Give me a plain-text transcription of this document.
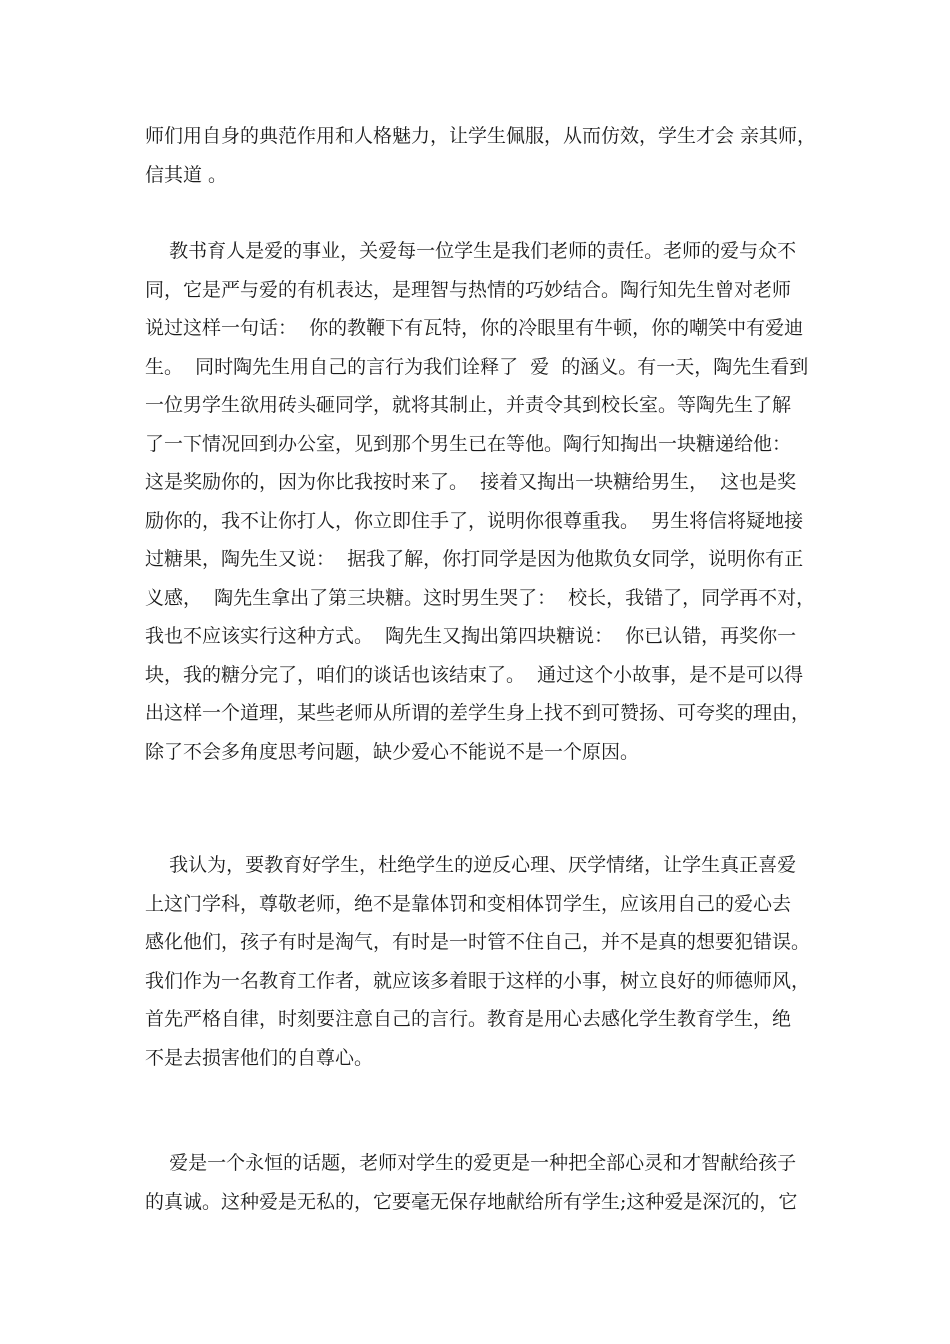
师们用自身的典范作用和人格魅力，让学生佩服，从而仿效，学生才会 亲其师，
信其道 。
教书育人是爱的事业，关爱每一位学生是我们老师的责任。老师的爱与众不
同，它是严与爱的有机表达，是理智与热情的巧妙结合。陶行知先生曾对老师
说过这样一句话：  你的教鞭下有瓦特，你的冷眼里有牛顿，你的嘲笑中有爱迪
生。  同时陶先生用自己的言行为我们诠释了  爱  的涵义。有一天，陶先生看到
一位男学生欲用砖头砸同学，就将其制止，并责令其到校长室。等陶先生了解
了一下情况回到办公室，见到那个男生已在等他。陶行知掏出一块糖递给他：
这是奖励你的，因为你比我按时来了。  接着又掏出一块糖给男生，  这也是奖
励你的，我不让你打人，你立即住手了，说明你很尊重我。  男生将信将疑地接
过糖果，陶先生又说：  据我了解，你打同学是因为他欺负女同学，说明你有正
义感，  陶先生拿出了第三块糖。这时男生哭了：  校长，我错了，同学再不对，
我也不应该实行这种方式。  陶先生又掏出第四块糖说：  你已认错，再奖你一
块，我的糖分完了，咱们的谈话也该结束了。  通过这个小故事，是不是可以得
出这样一个道理，某些老师从所谓的差学生身上找不到可赞扬、可夸奖的理由，
除了不会多角度思考问题，缺少爱心不能说不是一个原因。
我认为，要教育好学生，杜绝学生的逆反心理、厌学情绪，让学生真正喜爱
上这门学科，尊敬老师，绝不是靠体罚和变相体罚学生，应该用自己的爱心去
感化他们，孩子有时是淘气，有时是一时管不住自己，并不是真的想要犯错误。
我们作为一名教育工作者，就应该多着眼于这样的小事，树立良好的师德师风，
首先严格自律，时刻要注意自己的言行。教育是用心去感化学生教育学生，绝
不是去损害他们的自尊心。
爱是一个永恒的话题，老师对学生的爱更是一种把全部心灵和才智献给孩子
的真诚。这种爱是无私的，它要毫无保存地献给所有学生;这种爱是深沉的，它
